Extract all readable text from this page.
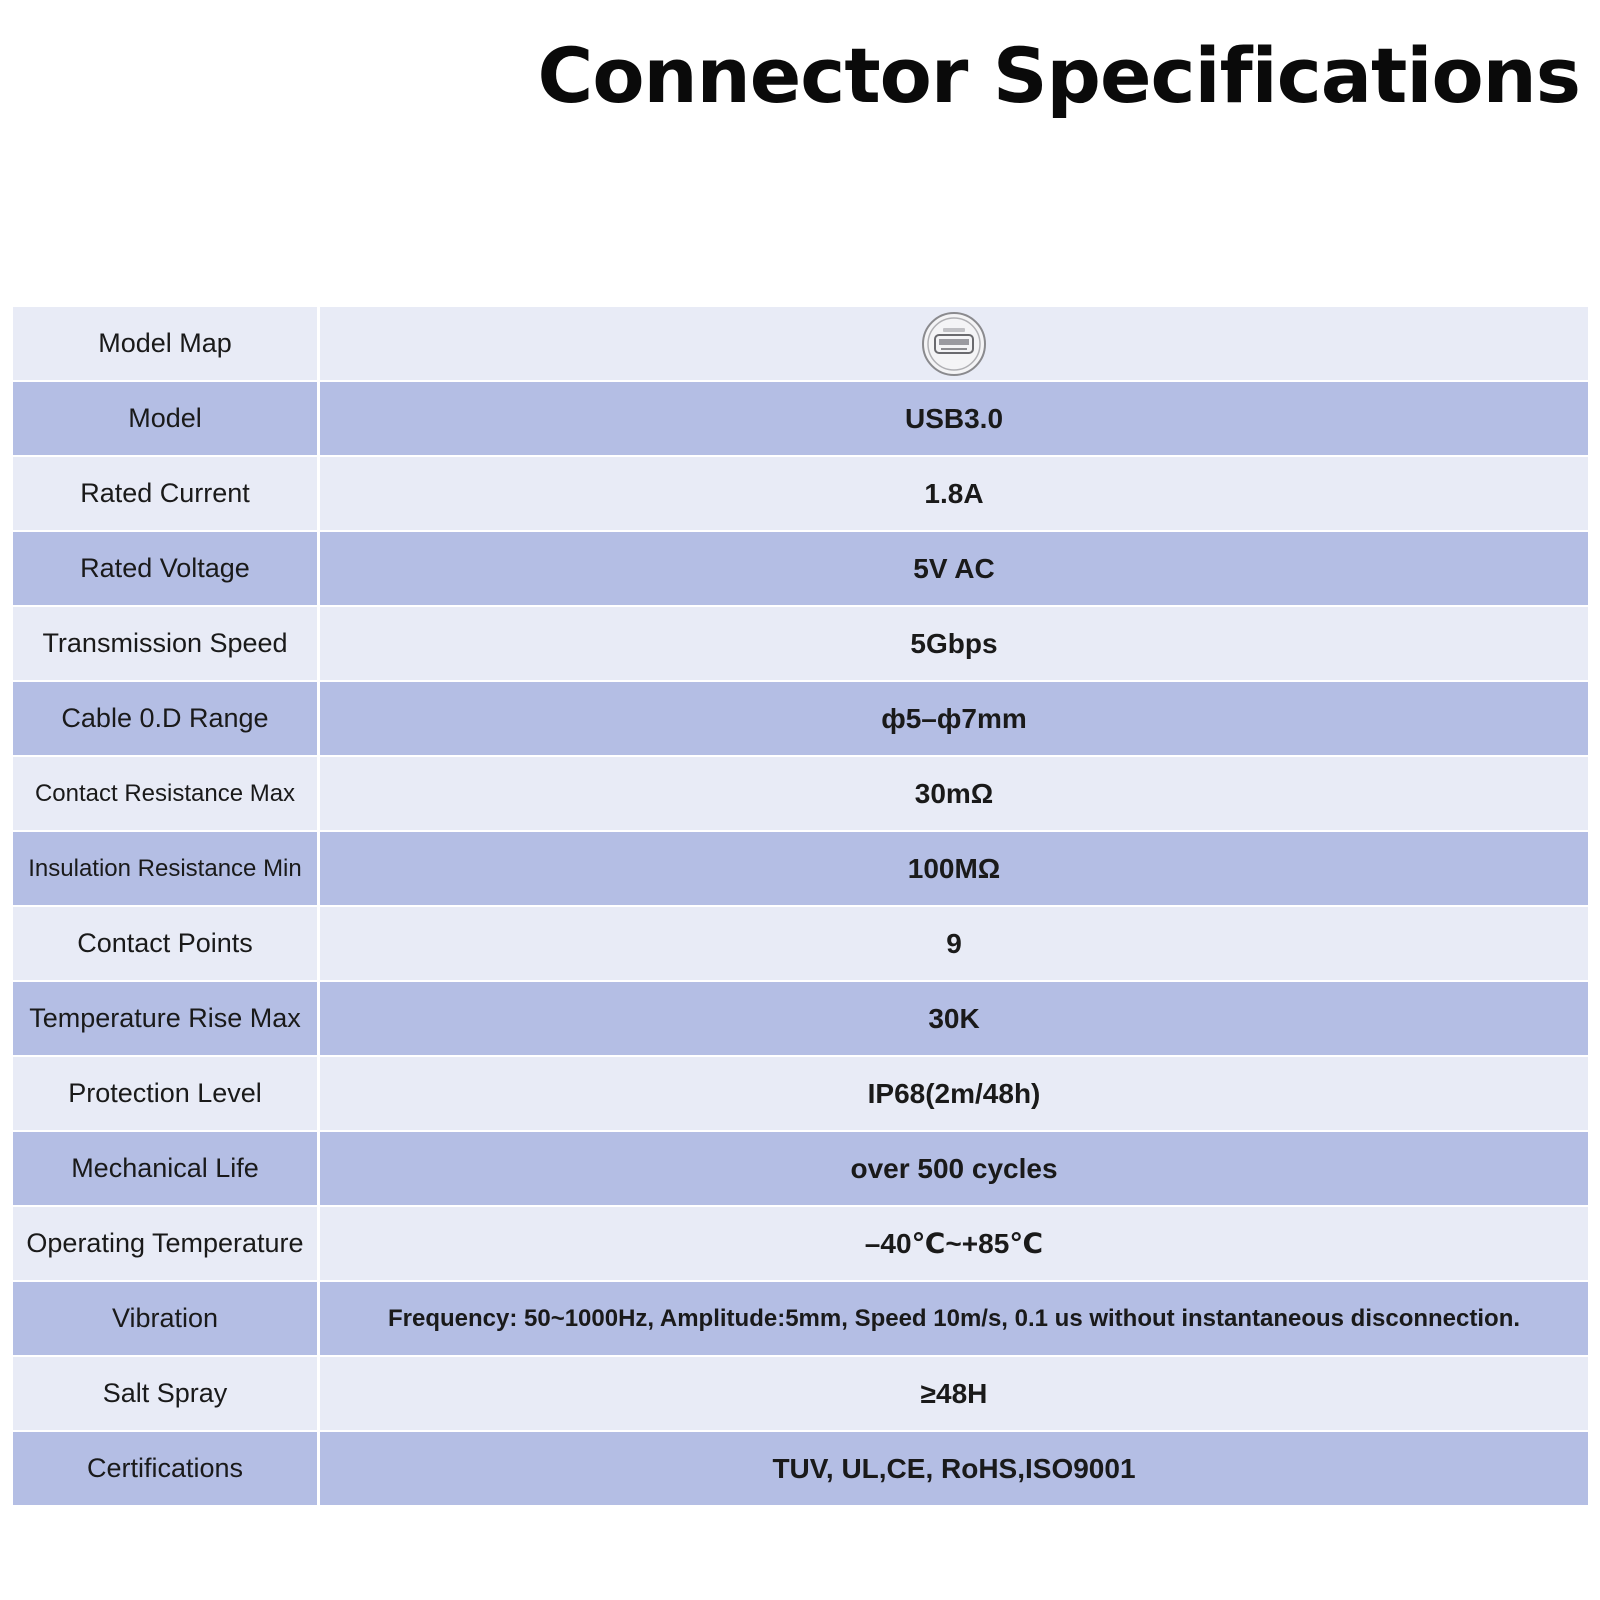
Connector Specifications
Model Map
Model	USB3.0
Rated Current	1.8A
Rated Voltage	5V AC
Transmission Speed	5Gbps
Cable 0.D Range	ф5–ф7mm
Contact Resistance Max	30mΩ
Insulation Resistance Min	100MΩ
Contact Points	9
Temperature Rise Max	30K
Protection Level	IP68(2m/48h)
Mechanical Life	over 500 cycles
Operating Temperature	–40℃~+85℃
Vibration	Frequency: 50~1000Hz, Amplitude:5mm, Speed 10m/s, 0.1 us without instantaneous disconnection.
Salt Spray	≥48H
Certifications	TUV, UL,CE, RoHS,ISO9001
